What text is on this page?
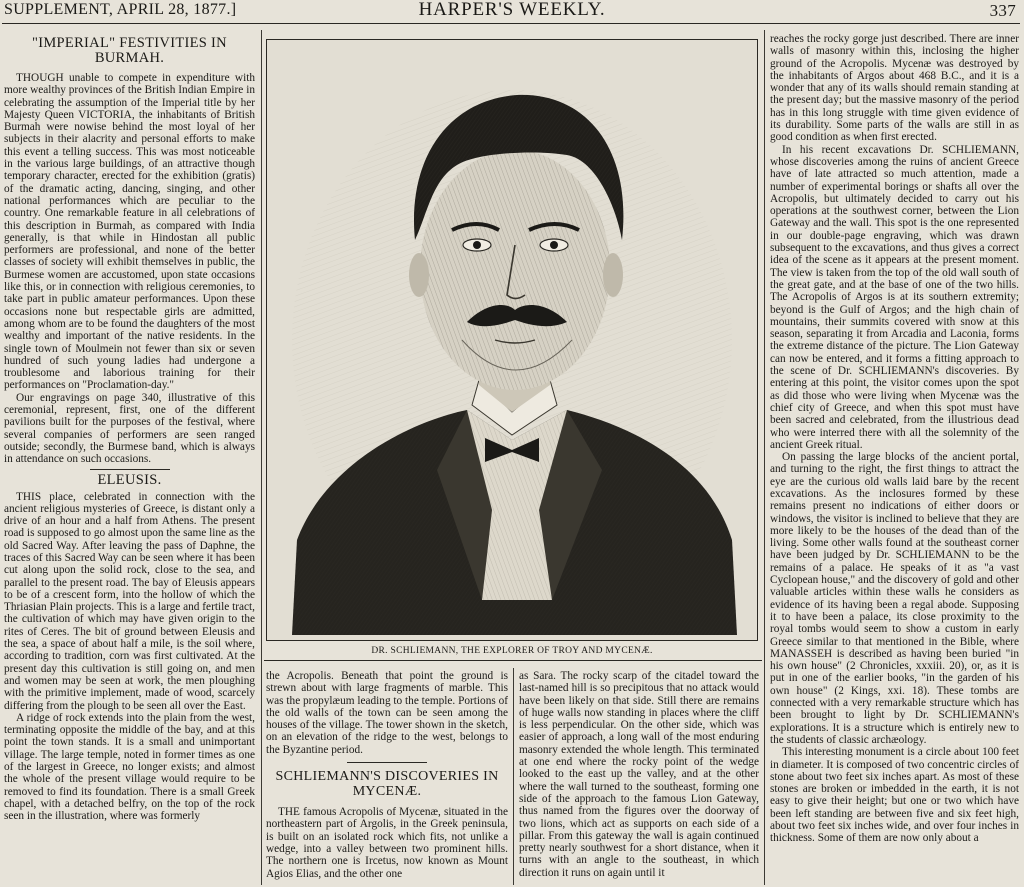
SUPPLEMENT, APRIL 28, 1877.]	HARPER'S WEEKLY.	337
"IMPERIAL" FESTIVITIES IN BURMAH.

THOUGH unable to compete in expenditure with more wealthy provinces of the British Indian Empire in celebrating the assumption of the Imperial title by her Majesty Queen VICTORIA, the inhabitants of British Burmah were nowise behind the most loyal of her subjects in their alacrity and personal efforts to make this event a telling success. This was most noticeable in the various large buildings, of an attractive though temporary character, erected for the exhibition (gratis) of the dramatic acting, dancing, singing, and other national performances which are peculiar to the country. One remarkable feature in all celebrations of this description in Burmah, as compared with India generally, is that while in Hindostan all public performers are professional, and none of the better classes of society will exhibit themselves in public, the Burmese women are accustomed, upon state occasions like this, or in connection with religious ceremonies, to take part in public amateur performances. Upon these occasions none but respectable girls are admitted, among whom are to be found the daughters of the most wealthy and important of the native residents. In the single town of Moulmein not fewer than six or seven hundred of such young ladies had undergone a troublesome and laborious training for their performances on "Proclamation-day."

Our engravings on page 340, illustrative of this ceremonial, represent, first, one of the different pavilions built for the purposes of the festival, where several companies of performers are seen ranged outside; secondly, the Burmese band, which is always in attendance on such occasions.

ELEUSIS.

THIS place, celebrated in connection with the ancient religious mysteries of Greece, is distant only a drive of an hour and a half from Athens. The present road is supposed to go almost upon the same line as the old Sacred Way. After leaving the pass of Daphne, the traces of this Sacred Way can be seen where it has been cut along upon the solid rock, close to the sea, and parallel to the present road. The bay of Eleusis appears to be of a crescent form, into the hollow of which the Thriasian Plain projects. This is a large and fertile tract, the cultivation of which may have given origin to the rites of Ceres. The bit of ground between Eleusis and the sea, a space of about half a mile, is the soil where, according to tradition, corn was first cultivated. At the present day this cultivation is still going on, and men and women may be seen at work, the men ploughing with the primitive implement, made of wood, scarcely differing from the plough to be seen all over the East.

A ridge of rock extends into the plain from the west, terminating opposite the middle of the bay, and at this point the town stands. It is a small and unimportant village. The large temple, noted in former times as one of the largest in Greece, no longer exists; and almost the whole of the present village would require to be removed to find its foundation. There is a small Greek chapel, with a detached belfry, on the top of the rock seen in the illustration, where was formerly

DR. SCHLIEMANN, THE EXPLORER OF TROY AND MYCENÆ.

the Acropolis. Beneath that point the ground is strewn about with large fragments of marble. This was the propylæum leading to the temple. Portions of the old walls of the town can be seen among the houses of the village. The tower shown in the sketch, on an elevation of the ridge to the west, belongs to the Byzantine period.

SCHLIEMANN'S DISCOVERIES IN MYCENÆ.

THE famous Acropolis of Mycenæ, situated in the northeastern part of Argolis, in the Greek peninsula, is built on an isolated rock which fits, not unlike a wedge, into a valley between two prominent hills. The northern one is Ircetus, now known as Mount Agios Elias, and the other one

as Sara. The rocky scarp of the citadel toward the last-named hill is so precipitous that no attack would have been likely on that side. Still there are remains of huge walls now standing in places where the cliff is less perpendicular. On the other side, which was easier of approach, a long wall of the most enduring masonry extended the whole length. This terminated at one end where the rocky point of the wedge looked to the east up the valley, and at the other where the wall turned to the southeast, forming one side of the approach to the famous Lion Gateway, thus named from the figures over the doorway of two lions, which act as supports on each side of a pillar. From this gateway the wall is again continued pretty nearly southwest for a short distance, when it turns with an angle to the southeast, in which direction it runs on again until it

reaches the rocky gorge just described. There are inner walls of masonry within this, inclosing the higher ground of the Acropolis. Mycenæ was destroyed by the inhabitants of Argos about 468 B.C., and it is a wonder that any of its walls should remain standing at the present day; but the massive masonry of the period has in this long struggle with time given evidence of its durability. Some parts of the walls are still in as good condition as when first erected.

In his recent excavations Dr. SCHLIEMANN, whose discoveries among the ruins of ancient Greece have of late attracted so much attention, made a number of experimental borings or shafts all over the Acropolis, but ultimately decided to carry out his operations at the southwest corner, between the Lion Gateway and the wall. This spot is the one represented in our double-page engraving, which was drawn subsequent to the excavations, and thus gives a correct idea of the scene as it appears at the present moment. The view is taken from the top of the old wall south of the great gate, and at the base of one of the two hills. The Acropolis of Argos is at its southern extremity; beyond is the Gulf of Argos; and the high chain of mountains, their summits covered with snow at this season, separating it from Arcadia and Laconia, forms the extreme distance of the picture. The Lion Gateway can now be entered, and it forms a fitting approach to the scene of Dr. SCHLIEMANN's discoveries. By entering at this point, the visitor comes upon the spot as did those who were living when Mycenæ was the chief city of Greece, and when this spot must have been sacred and celebrated, from the illustrious dead who were interred there with all the solemnity of the ancient Greek ritual.

On passing the large blocks of the ancient portal, and turning to the right, the first things to attract the eye are the curious old walls laid bare by the recent excavations. As the inclosures formed by these remains present no indications of either doors or windows, the visitor is inclined to believe that they are more likely to be the houses of the dead than of the living. Some other walls found at the southeast corner have been judged by Dr. SCHLIEMANN to be the remains of a palace. He speaks of it as "a vast Cyclopean house," and the discovery of gold and other valuable articles within these walls he considers as evidence of its having been a regal abode. Supposing it to have been a palace, its close proximity to the royal tombs would seem to show a custom in early Greece similar to that mentioned in the Bible, where MANASSEH is described as having been buried "in his own house" (2 Chronicles, xxxiii. 20), or, as it is put in one of the earlier books, "in the garden of his own house" (2 Kings, xxi. 18). These tombs are connected with a very remarkable structure which has been brought to light by Dr. SCHLIEMANN's explorations. It is a structure which is entirely new to the students of classic archæology.

This interesting monument is a circle about 100 feet in diameter. It is composed of two concentric circles of stone about two feet six inches apart. As most of these stones are broken or imbedded in the earth, it is not easy to give their height; but one or two which have been left standing are between five and six feet high, about two feet six inches wide, and over four inches in thickness. Some of them are now only about a
